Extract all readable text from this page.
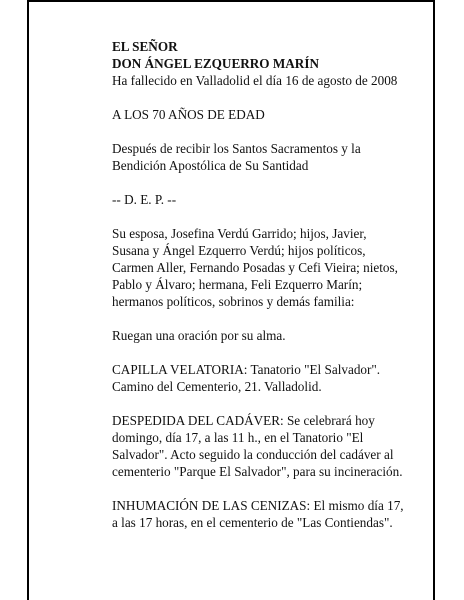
EL SEÑOR
DON ÁNGEL EZQUERRO MARÍN
Ha fallecido en Valladolid el día 16 de agosto de 2008
A LOS 70 AÑOS DE EDAD
Después de recibir los Santos Sacramentos y la
Bendición Apostólica de Su Santidad
-- D. E. P. --
Su esposa, Josefina Verdú Garrido; hijos, Javier,
Susana y Ángel Ezquerro Verdú; hijos políticos,
Carmen Aller, Fernando Posadas y Cefi Vieira; nietos,
Pablo y Álvaro; hermana, Feli Ezquerro Marín;
hermanos políticos, sobrinos y demás familia:
Ruegan una oración por su alma.
CAPILLA VELATORIA: Tanatorio "El Salvador".
Camino del Cementerio, 21. Valladolid.
DESPEDIDA DEL CADÁVER: Se celebrará hoy
domingo, día 17, a las 11 h., en el Tanatorio "El
Salvador". Acto seguido la conducción del cadáver al
cementerio "Parque El Salvador", para su incineración.
INHUMACIÓN DE LAS CENIZAS: El mismo día 17,
a las 17 horas, en el cementerio de "Las Contiendas".
